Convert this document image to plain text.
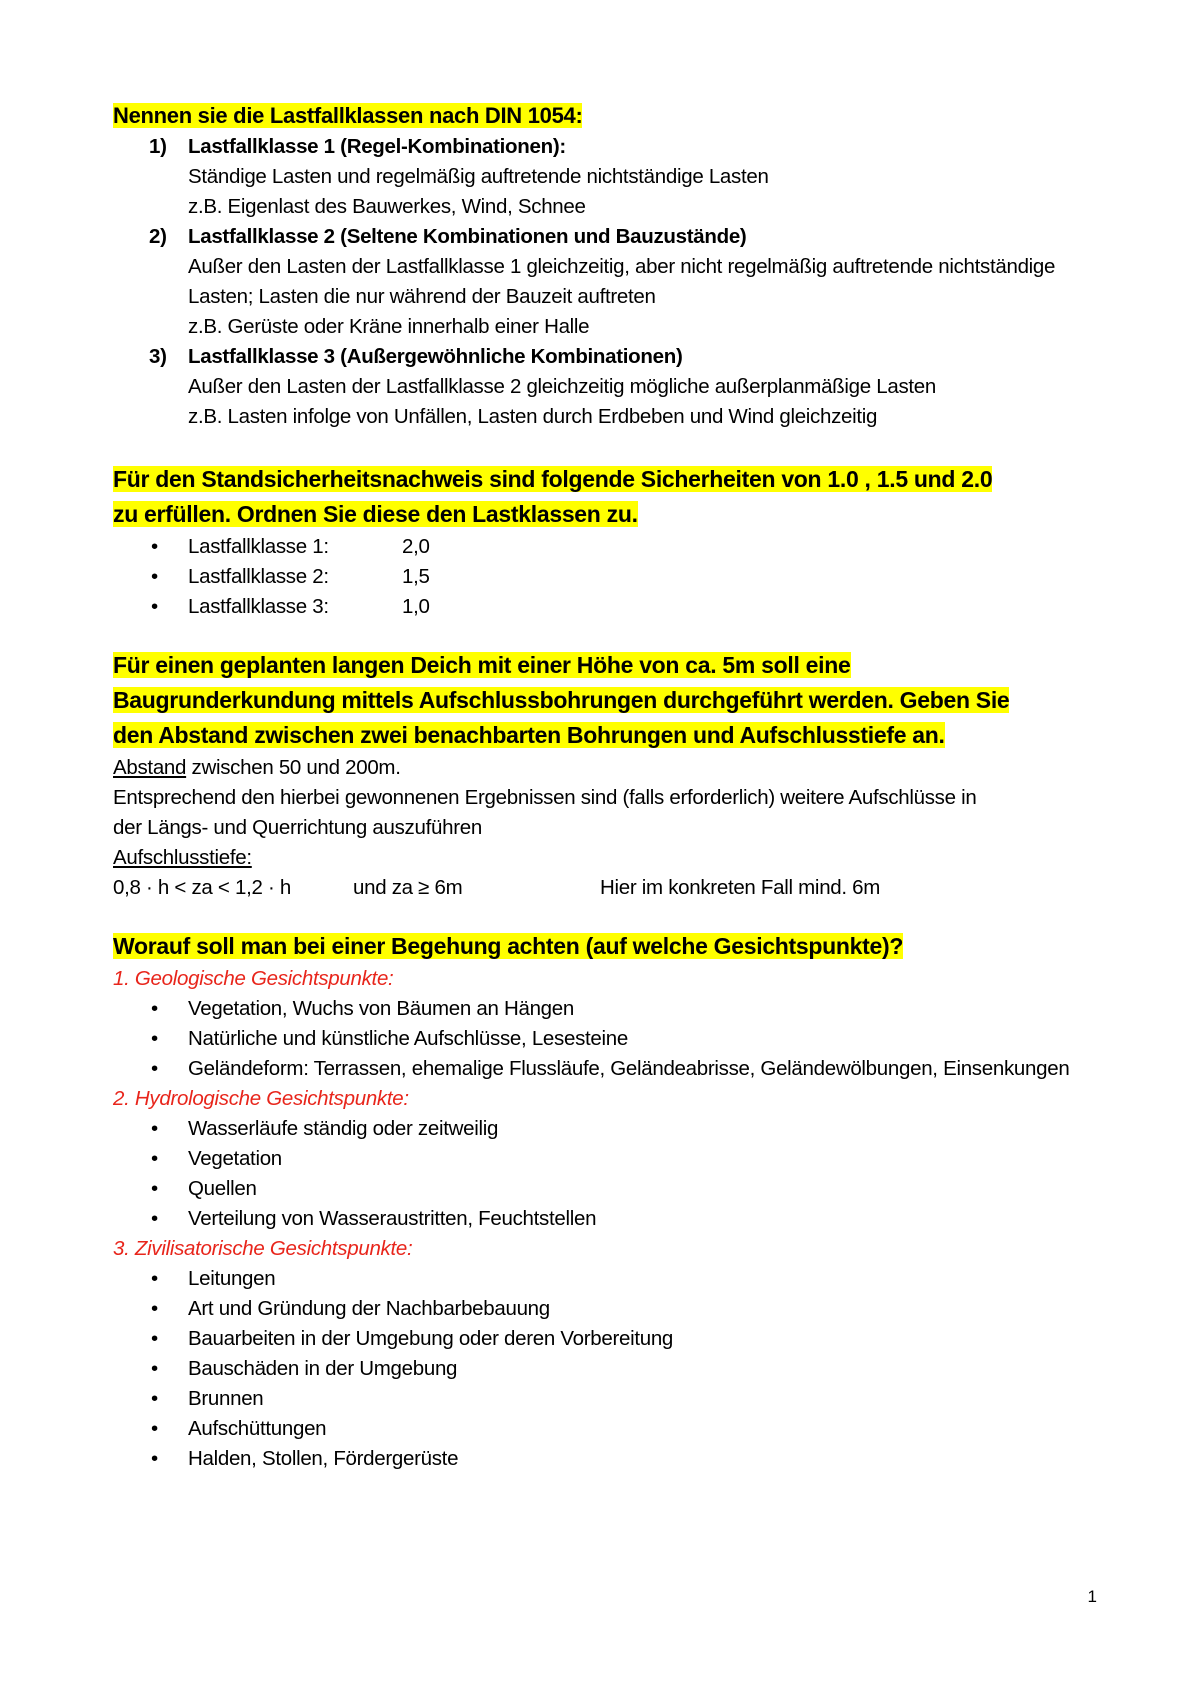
Nennen sie die Lastfallklassen nach DIN 1054:
1) Lastfallklasse 1 (Regel-Kombinationen):
Ständige Lasten und regelmäßig auftretende nichtständige Lasten
z.B. Eigenlast des Bauwerkes, Wind, Schnee
2) Lastfallklasse 2 (Seltene Kombinationen und Bauzustände)
Außer den Lasten der Lastfallklasse 1 gleichzeitig, aber nicht regelmäßig auftretende nichtständige Lasten; Lasten die nur während der Bauzeit auftreten
z.B. Gerüste oder Kräne innerhalb einer Halle
3) Lastfallklasse 3 (Außergewöhnliche Kombinationen)
Außer den Lasten der Lastfallklasse 2 gleichzeitig mögliche außerplanmäßige Lasten
z.B. Lasten infolge von Unfällen, Lasten durch Erdbeben und Wind gleichzeitig
Für den Standsicherheitsnachweis sind folgende Sicherheiten von 1.0 , 1.5 und 2.0
zu erfüllen. Ordnen Sie diese den Lastklassen zu.
• Lastfallklasse 1:	2,0
• Lastfallklasse 2:	1,5
• Lastfallklasse 3:	1,0
Für einen geplanten langen Deich mit einer Höhe von ca. 5m soll eine
Baugrunderkundung mittels Aufschlussbohrungen durchgeführt werden. Geben Sie
den Abstand zwischen zwei benachbarten Bohrungen und Aufschlusstiefe an.
Abstand zwischen 50 und 200m.
Entsprechend den hierbei gewonnenen Ergebnissen sind (falls erforderlich) weitere Aufschlüsse in
der Längs- und Querrichtung auszuführen
Aufschlusstiefe:
0,8 · h < za < 1,2 · h	und za ≥ 6m	Hier im konkreten Fall mind. 6m
Worauf soll man bei einer Begehung achten (auf welche Gesichtspunkte)?
1. Geologische Gesichtspunkte:
• Vegetation, Wuchs von Bäumen an Hängen
• Natürliche und künstliche Aufschlüsse, Lesesteine
• Geländeform: Terrassen, ehemalige Flussläufe, Geländeabrisse, Geländewölbungen, Einsenkungen
2. Hydrologische Gesichtspunkte:
• Wasserläufe ständig oder zeitweilig
• Vegetation
• Quellen
• Verteilung von Wasseraustritten, Feuchtstellen
3. Zivilisatorische Gesichtspunkte:
• Leitungen
• Art und Gründung der Nachbarbebauung
• Bauarbeiten in der Umgebung oder deren Vorbereitung
• Bauschäden in der Umgebung
• Brunnen
• Aufschüttungen
• Halden, Stollen, Fördergerüste
1
